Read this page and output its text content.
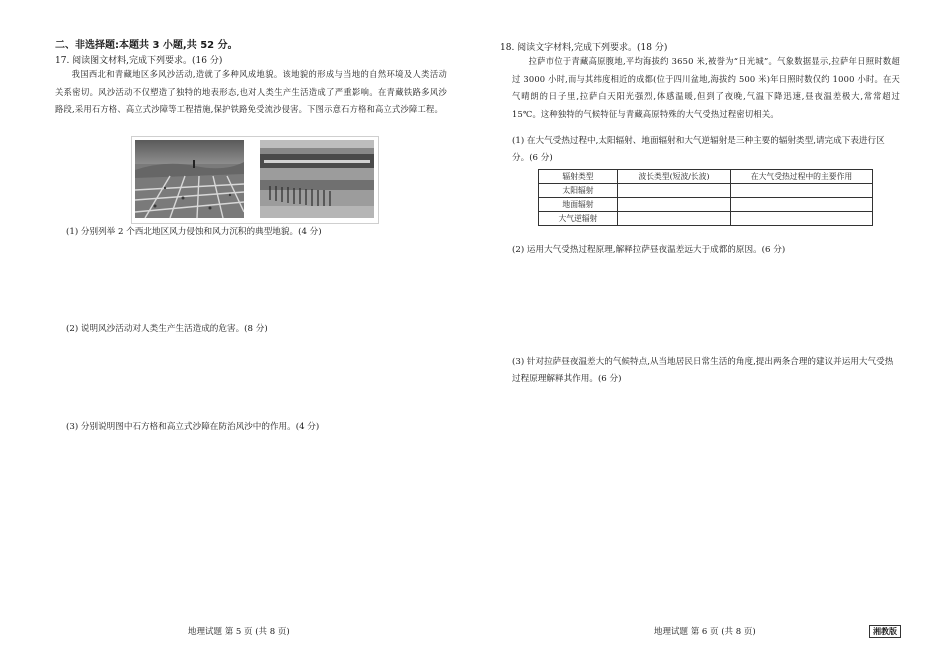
二、非选择题:本题共 3 小题,共 52 分。
17. 阅读图文材料,完成下列要求。(16 分)
我国西北和青藏地区多风沙活动,造就了多种风成地貌。该地貌的形成与当地的自然环境及人类活动关系密切。风沙活动不仅塑造了独特的地表形态,也对人类生产生活造成了严重影响。在青藏铁路多风沙路段,采用石方格、高立式沙障等工程措施,保护铁路免受流沙侵害。下图示意石方格和高立式沙障工程。
(1) 分别列举 2 个西北地区风力侵蚀和风力沉积的典型地貌。(4 分)
(2) 说明风沙活动对人类生产生活造成的危害。(8 分)
(3) 分别说明图中石方格和高立式沙障在防治风沙中的作用。(4 分)
地理试题 第 5 页 (共 8 页)
18. 阅读文字材料,完成下列要求。(18 分)
拉萨市位于青藏高原腹地,平均海拔约 3650 米,被誉为“日光城”。气象数据显示,拉萨年日照时数超过 3000 小时,而与其纬度相近的成都(位于四川盆地,海拔约 500 米)年日照时数仅约 1000 小时。在天气晴朗的日子里,拉萨白天阳光强烈,体感温暖,但到了夜晚,气温下降迅速,昼夜温差极大,常常超过 15℃。这种独特的气候特征与青藏高原特殊的大气受热过程密切相关。
(1) 在大气受热过程中,太阳辐射、地面辐射和大气逆辐射是三种主要的辐射类型,请完成下表进行区分。(6 分)
辐射类型	波长类型(短波/长波)	在大气受热过程中的主要作用
太阳辐射		
地面辐射		
大气逆辐射		
(2) 运用大气受热过程原理,解释拉萨昼夜温差远大于成都的原因。(6 分)
(3) 针对拉萨昼夜温差大的气候特点,从当地居民日常生活的角度,提出两条合理的建议并运用大气受热过程原理解释其作用。(6 分)
地理试题 第 6 页 (共 8 页)	湘教版
